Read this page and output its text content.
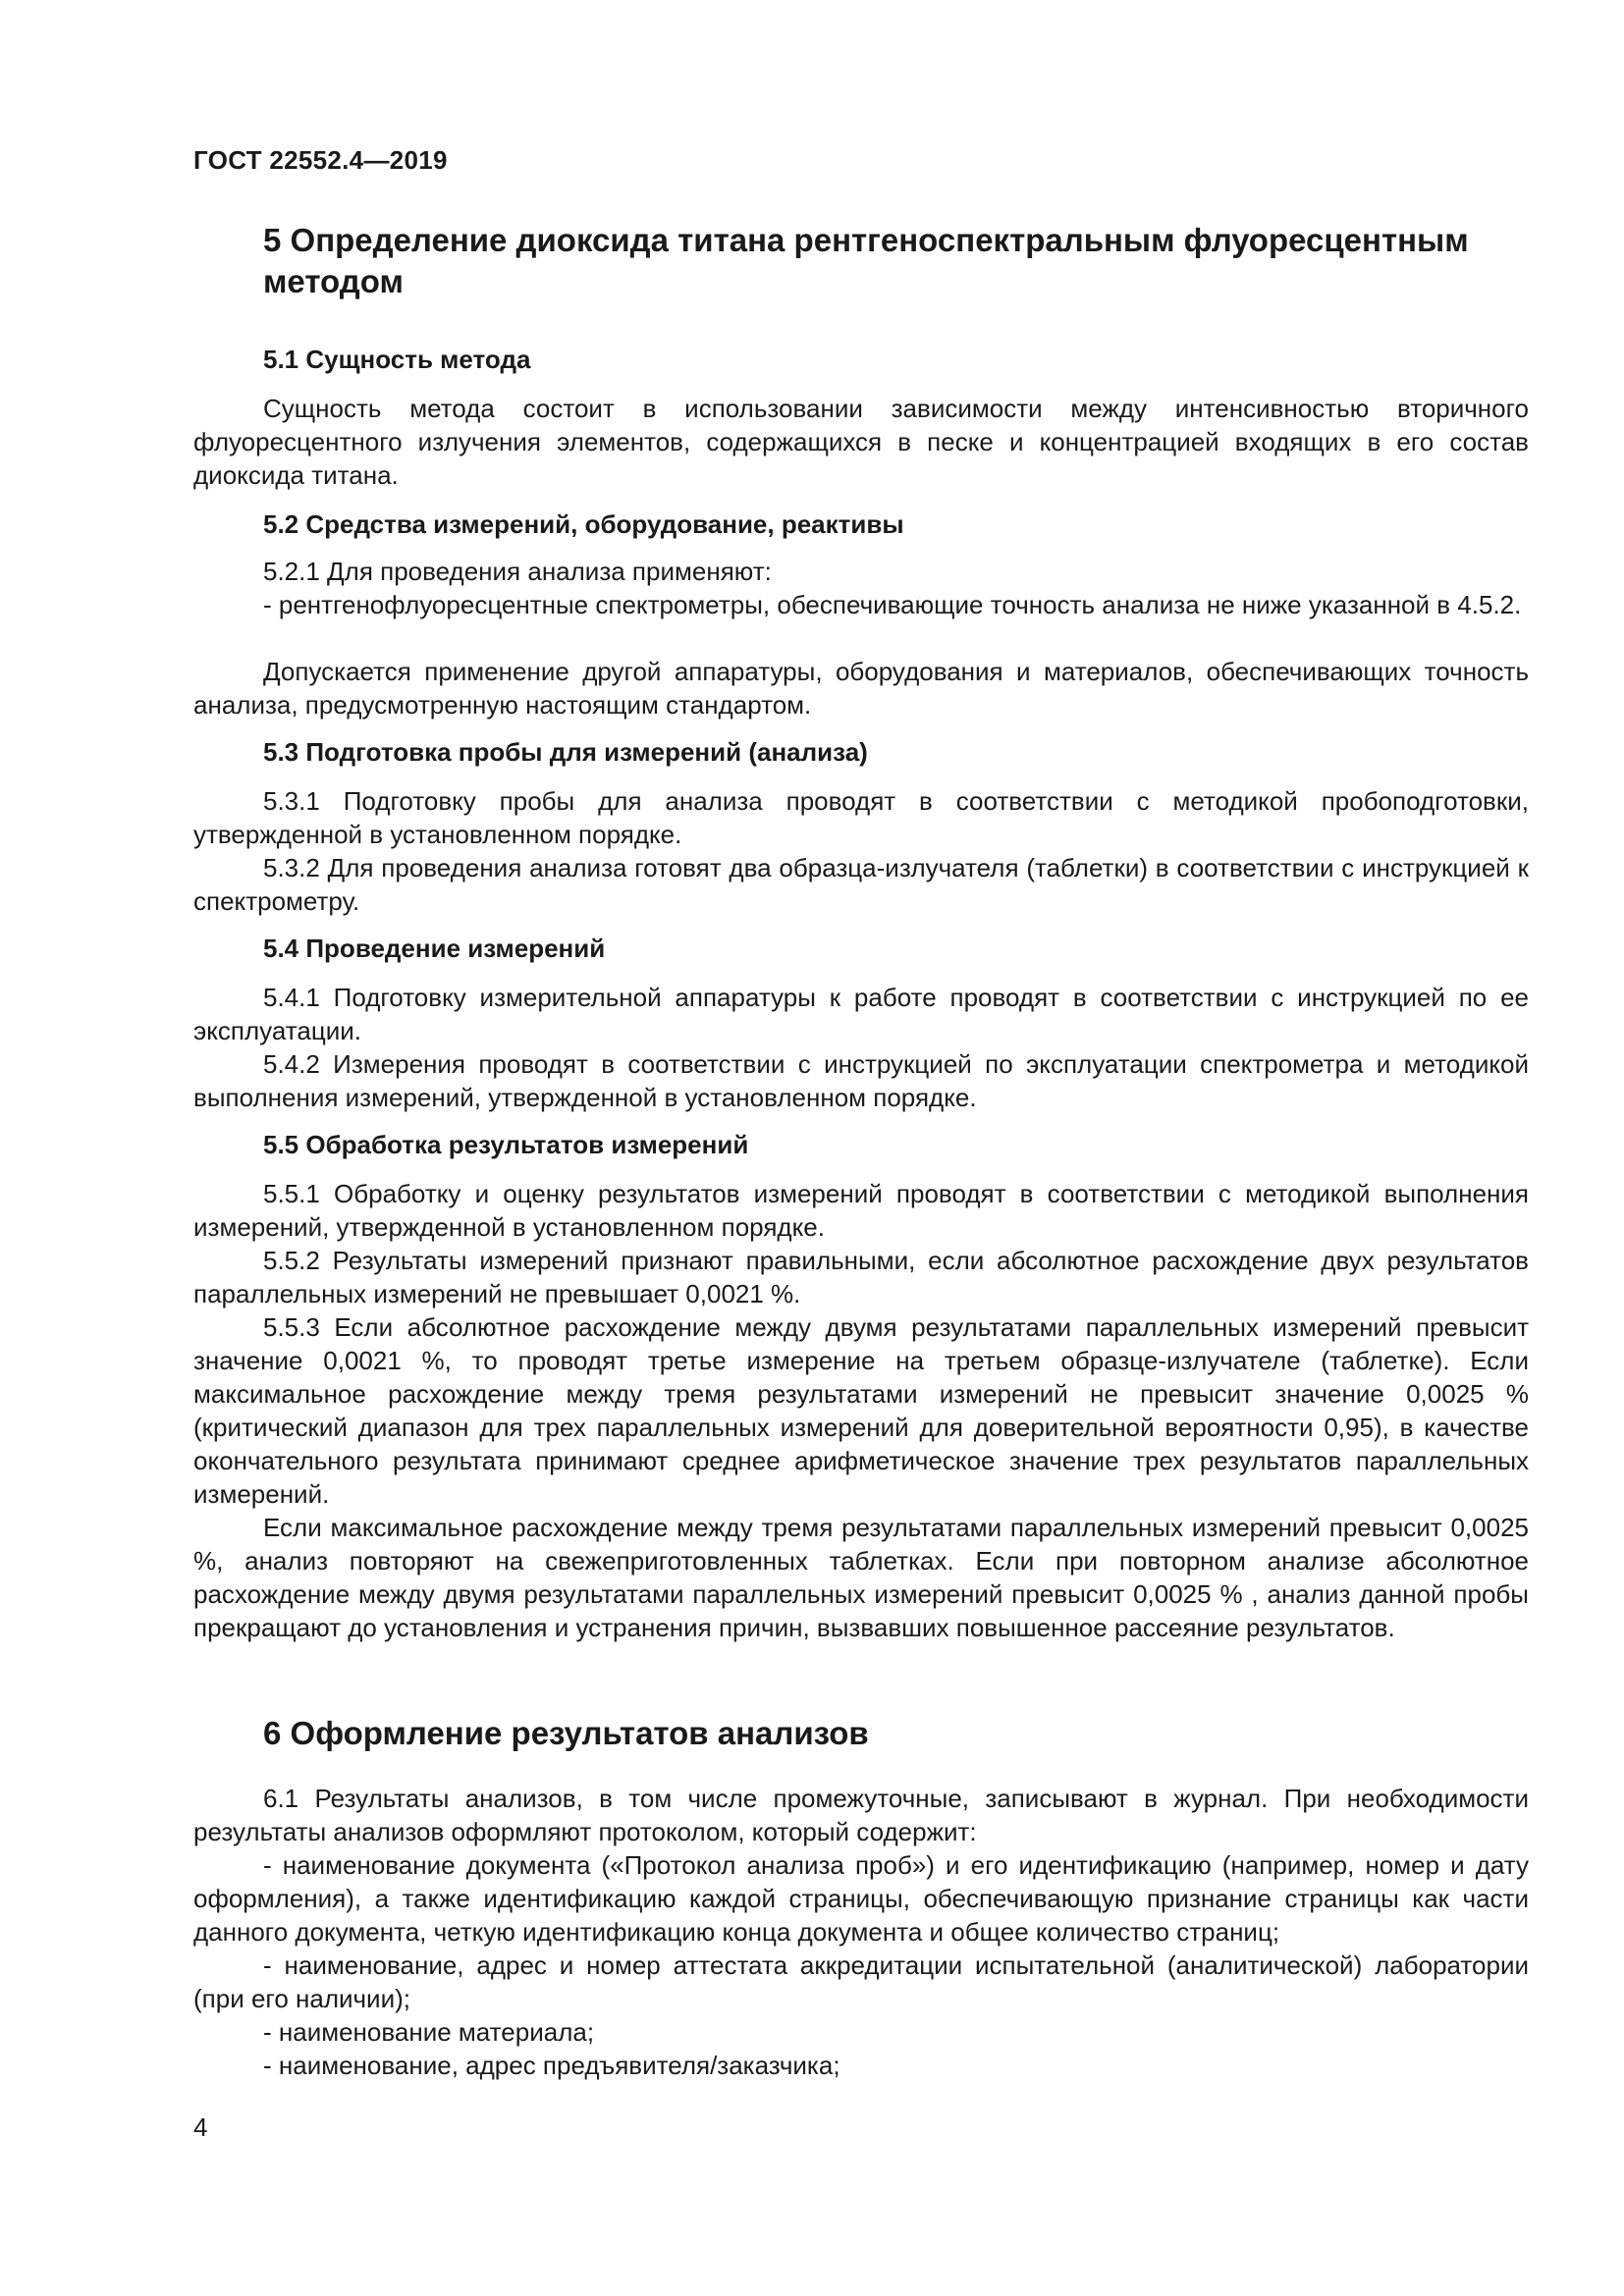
ГОСТ 22552.4—2019
5 Определение диоксида титана рентгеноспектральным флуоресцентным методом
5.1 Сущность метода
Сущность метода состоит в использовании зависимости между интенсивностью вторичного флуоресцентного излучения элементов, содержащихся в песке и концентрацией входящих в его состав диоксида титана.
5.2 Средства измерений, оборудование, реактивы
5.2.1 Для проведения анализа применяют:
- рентгенофлуоресцентные спектрометры, обеспечивающие точность анализа не ниже указанной в 4.5.2.
Допускается применение другой аппаратуры, оборудования и материалов, обеспечивающих точность анализа, предусмотренную настоящим стандартом.
5.3 Подготовка пробы для измерений (анализа)
5.3.1 Подготовку пробы для анализа проводят в соответствии с методикой пробоподготовки, утвержденной в установленном порядке.
5.3.2 Для проведения анализа готовят два образца-излучателя (таблетки) в соответствии с инструкцией к спектрометру.
5.4 Проведение измерений
5.4.1 Подготовку измерительной аппаратуры к работе проводят в соответствии с инструкцией по ее эксплуатации.
5.4.2 Измерения проводят в соответствии с инструкцией по эксплуатации спектрометра и методикой выполнения измерений, утвержденной в установленном порядке.
5.5 Обработка результатов измерений
5.5.1 Обработку и оценку результатов измерений проводят в соответствии с методикой выполнения измерений, утвержденной в установленном порядке.
5.5.2 Результаты измерений признают правильными, если абсолютное расхождение двух результатов параллельных измерений не превышает 0,0021 %.
5.5.3 Если абсолютное расхождение между двумя результатами параллельных измерений превысит значение 0,0021 %, то проводят третье измерение на третьем образце-излучателе (таблетке). Если максимальное расхождение между тремя результатами измерений не превысит значение 0,0025 % (критический диапазон для трех параллельных измерений для доверительной вероятности 0,95), в качестве окончательного результата принимают среднее арифметическое значение трех результатов параллельных измерений.
Если максимальное расхождение между тремя результатами параллельных измерений превысит 0,0025 %, анализ повторяют на свежеприготовленных таблетках. Если при повторном анализе абсолютное расхождение между двумя результатами параллельных измерений превысит 0,0025 % , анализ данной пробы прекращают до установления и устранения причин, вызвавших повышенное рассеяние результатов.
6 Оформление результатов анализов
6.1 Результаты анализов, в том числе промежуточные, записывают в журнал. При необходимости результаты анализов оформляют протоколом, который содержит:
- наименование документа («Протокол анализа проб») и его идентификацию (например, номер и дату оформления), а также идентификацию каждой страницы, обеспечивающую признание страницы как части данного документа, четкую идентификацию конца документа и общее количество страниц;
- наименование, адрес и номер аттестата аккредитации испытательной (аналитической) лаборатории (при его наличии);
- наименование материала;
- наименование, адрес предъявителя/заказчика;
4
